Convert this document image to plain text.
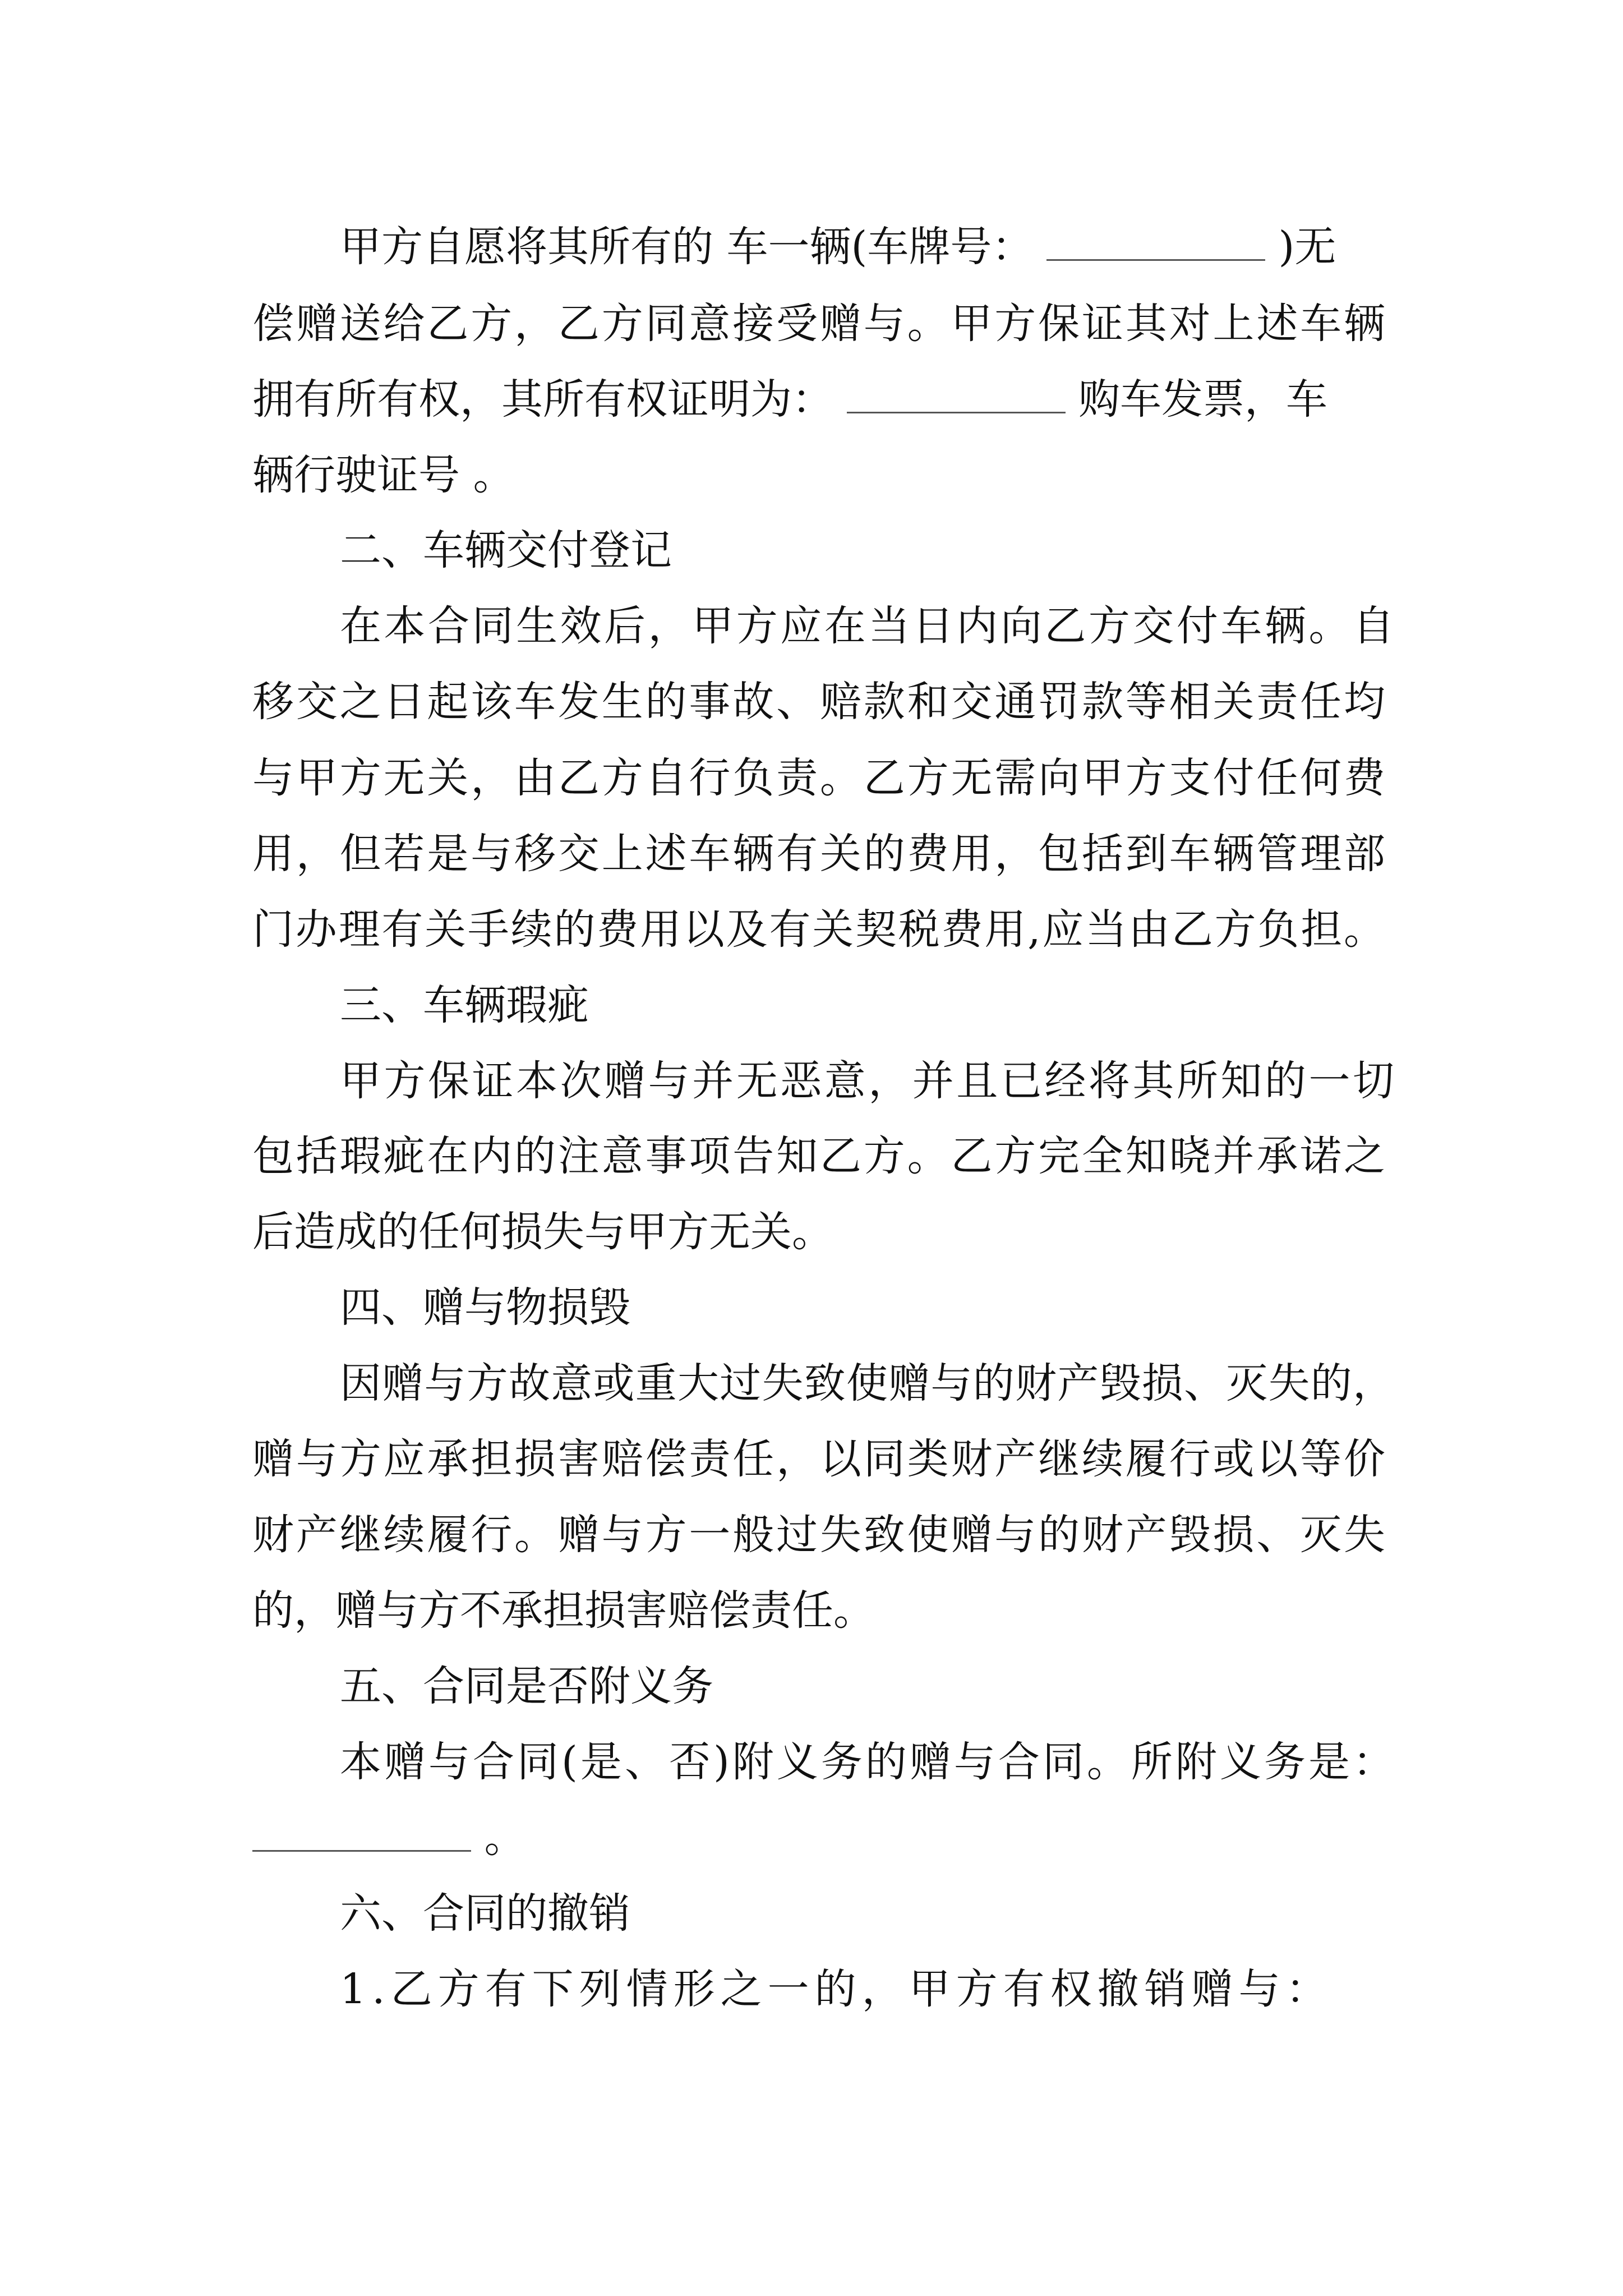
甲方自愿将其所有的 车一辆(车牌号：	)无
偿赠送给乙方，乙方同意接受赠与。甲方保证其对上述车辆
拥有所有权，其所有权证明为：	购车发票，车
辆行驶证号 。
二、车辆交付登记
在本合同生效后，甲方应在当日内向乙方交付车辆。自
移交之日起该车发生的事故、赔款和交通罚款等相关责任均
与甲方无关，由乙方自行负责。乙方无需向甲方支付任何费
用，但若是与移交上述车辆有关的费用，包括到车辆管理部
门办理有关手续的费用以及有关契税费用,应当由乙方负担。
三、车辆瑕疵
甲方保证本次赠与并无恶意，并且已经将其所知的一切
包括瑕疵在内的注意事项告知乙方。乙方完全知晓并承诺之
后造成的任何损失与甲方无关。
四、赠与物损毁
因赠与方故意或重大过失致使赠与的财产毁损、灭失的，
赠与方应承担损害赔偿责任，以同类财产继续履行或以等价
财产继续履行。赠与方一般过失致使赠与的财产毁损、灭失
的，赠与方不承担损害赔偿责任。
五、合同是否附义务
本赠与合同(是、否)附义务的赠与合同。所附义务是：
。
六、合同的撤销
1.乙方有下列情形之一的，甲方有权撤销赠与：
